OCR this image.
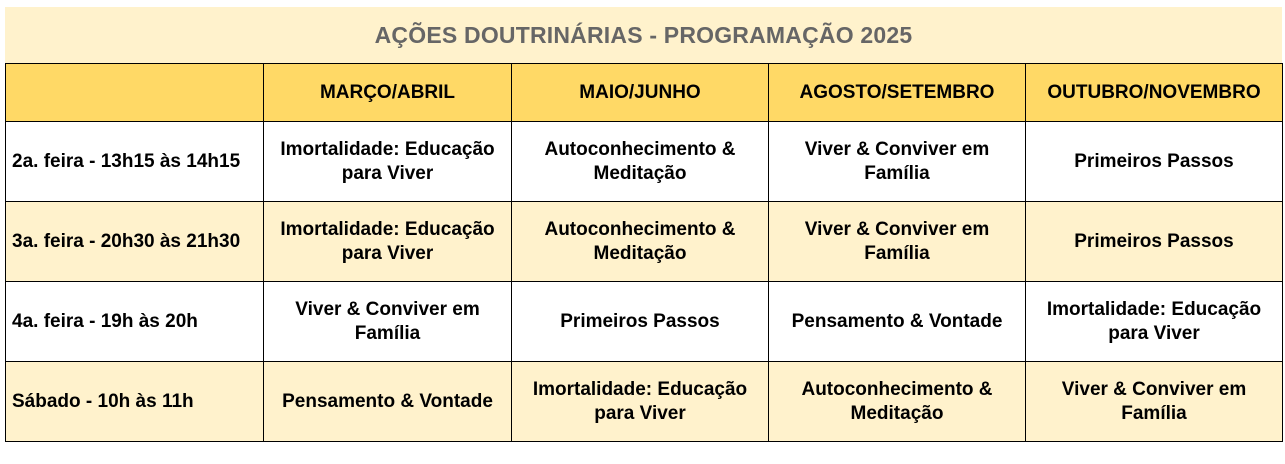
AÇÕES DOUTRINÁRIAS - PROGRAMAÇÃO 2025
	MARÇO/ABRIL	MAIO/JUNHO	AGOSTO/SETEMBRO	OUTUBRO/NOVEMBRO
2a. feira - 13h15 às 14h15	Imortalidade: Educação para Viver	Autoconhecimento & Meditação	Viver & Conviver em Família	Primeiros Passos
3a. feira - 20h30 às 21h30	Imortalidade: Educação para Viver	Autoconhecimento & Meditação	Viver & Conviver em Família	Primeiros Passos
4a. feira - 19h às 20h	Viver & Conviver em Família	Primeiros Passos	Pensamento & Vontade	Imortalidade: Educação para Viver
Sábado - 10h às 11h	Pensamento & Vontade	Imortalidade: Educação para Viver	Autoconhecimento & Meditação	Viver & Conviver em Família
